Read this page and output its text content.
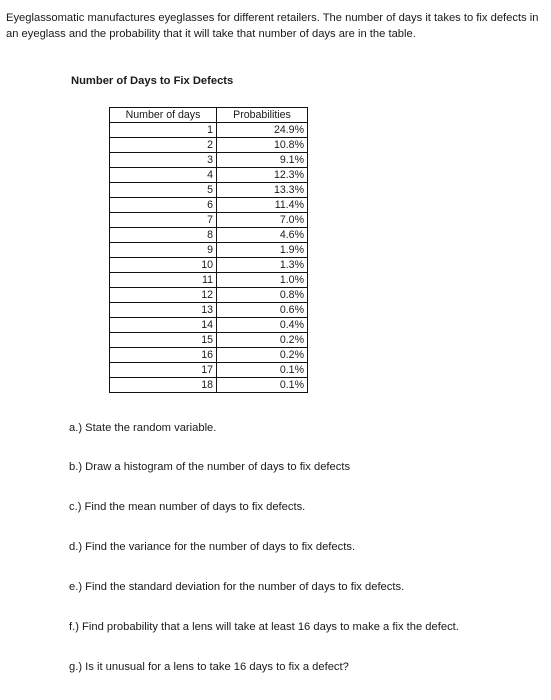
Eyeglassomatic manufactures eyeglasses for different retailers. The number of days it takes to fix defects in an eyeglass and the probability that it will take that number of days are in the table.

Number of Days to Fix Defects

Number of days	Probabilities
1	24.9%
2	10.8%
3	9.1%
4	12.3%
5	13.3%
6	11.4%
7	7.0%
8	4.6%
9	1.9%
10	1.3%
11	1.0%
12	0.8%
13	0.6%
14	0.4%
15	0.2%
16	0.2%
17	0.1%
18	0.1%

a.) State the random variable.

b.) Draw a histogram of the number of days to fix defects

c.) Find the mean number of days to fix defects.

d.) Find the variance for the number of days to fix defects.

e.) Find the standard deviation for the number of days to fix defects.

f.) Find probability that a lens will take at least 16 days to make a fix the defect.

g.) Is it unusual for a lens to take 16 days to fix a defect?
